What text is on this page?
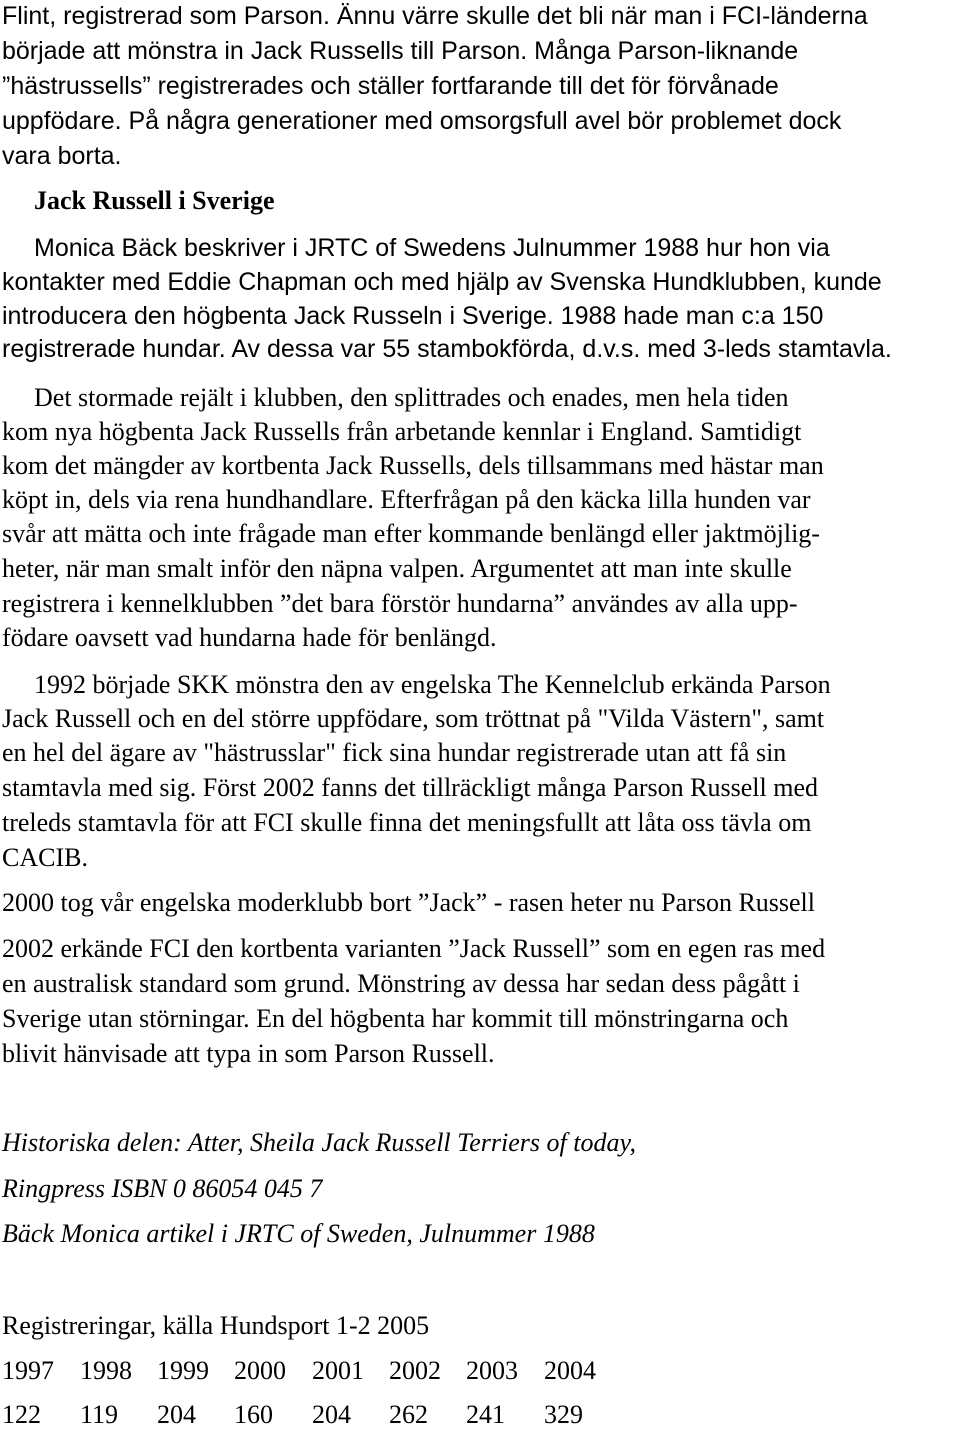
Flint, registrerad som Parson. Ännu värre skulle det bli när man i FCI-länderna
började att mönstra in Jack Russells till Parson. Många Parson-liknande
”hästrussells” registrerades och ställer fortfarande till det för förvånade
uppfödare. På några generationer med omsorgsfull avel bör problemet dock
vara borta.
Jack Russell i Sverige
Monica Bäck beskriver i JRTC of Swedens Julnummer 1988 hur hon via
kontakter med Eddie Chapman och med hjälp av Svenska Hundklubben, kunde
introducera den högbenta Jack Russeln i Sverige. 1988 hade man c:a 150
registrerade hundar. Av dessa var 55 stambokförda, d.v.s. med 3-leds stamtavla.
Det stormade rejält i klubben, den splittrades och enades, men hela tiden
kom nya högbenta Jack Russells från arbetande kennlar i England. Samtidigt
kom det mängder av kortbenta Jack Russells, dels tillsammans med hästar man
köpt in, dels via rena hundhandlare. Efterfrågan på den käcka lilla hunden var
svår att mätta och inte frågade man efter kommande benlängd eller jaktmöjlig-
heter, när man smalt inför den näpna valpen. Argumentet att man inte skulle
registrera i kennelklubben ”det bara förstör hundarna” användes av alla upp-
födare oavsett vad hundarna hade för benlängd.
1992 började SKK mönstra den av engelska The Kennelclub erkända Parson
Jack Russell och en del större uppfödare, som tröttnat på "Vilda Västern", samt
en hel del ägare av "hästrusslar" fick sina hundar registrerade utan att få sin
stamtavla med sig. Först 2002 fanns det tillräckligt många Parson Russell med
treleds stamtavla för att FCI skulle finna det meningsfullt att låta oss tävla om
CACIB.
2000 tog vår engelska moderklubb bort ”Jack” - rasen heter nu Parson Russell
2002 erkände FCI den kortbenta varianten ”Jack Russell” som en egen ras med
en australisk standard som grund. Mönstring av dessa har sedan dess pågått i
Sverige utan störningar. En del högbenta har kommit till mönstringarna och
blivit hänvisade att typa in som Parson Russell.
Historiska delen: Atter, Sheila Jack Russell Terriers of today,
Ringpress ISBN 0 86054 045 7
Bäck Monica artikel i JRTC of Sweden, Julnummer 1988
Registreringar, källa Hundsport 1-2 2005
1997 1998 1999 2000 2001 2002 2003 2004
122 119 204 160 204 262 241 329
